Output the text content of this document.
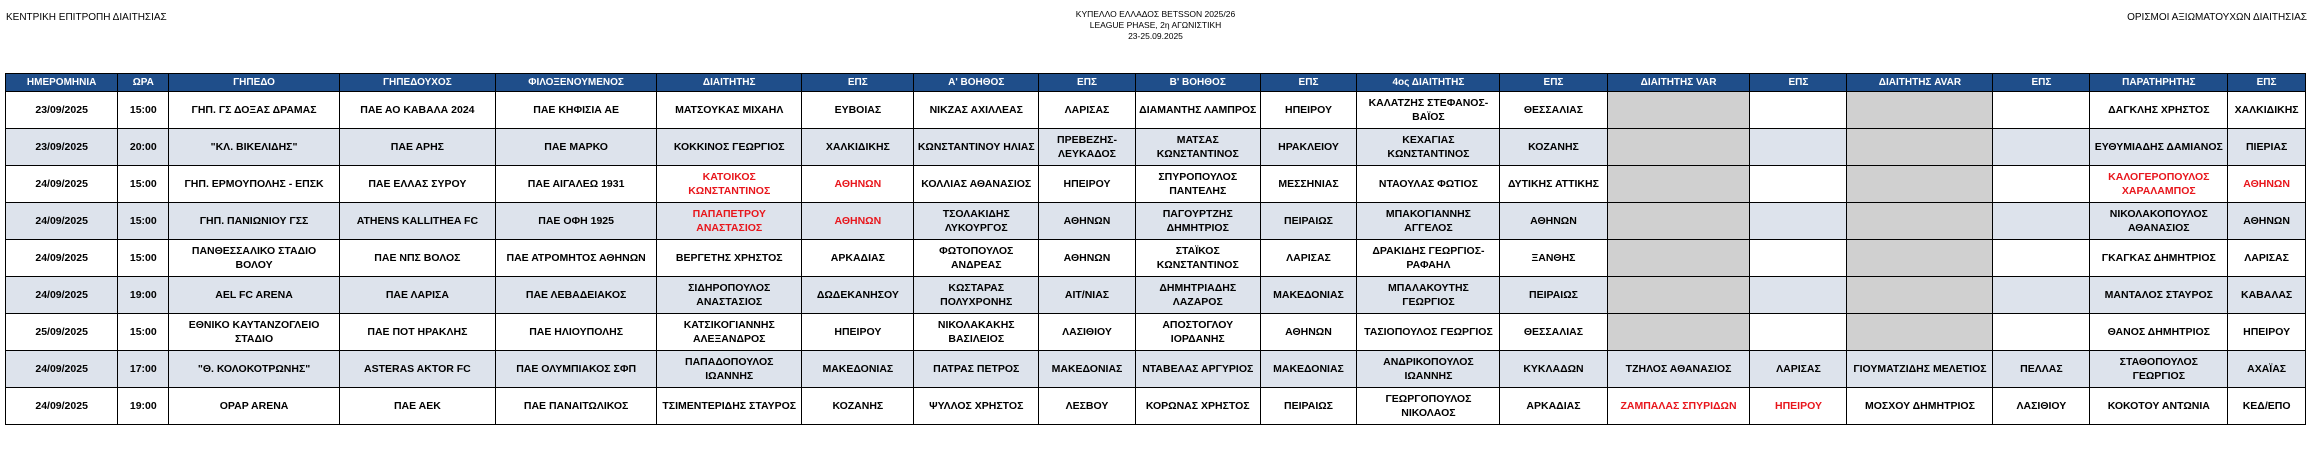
ΚΕΝΤΡΙΚΗ ΕΠΙΤΡΟΠΗ ΔΙΑΙΤΗΣΙΑΣ	ΚΥΠΕΛΛΟ ΕΛΛΑΔΟΣ BETSSON 2025/26
LEAGUE PHASE, 2η ΑΓΩΝΙΣΤΙΚΗ
23-25.09.2025
ΟΡΙΣΜΟΙ ΑΞΙΩΜΑΤΟΥΧΩΝ ΔΙΑΙΤΗΣΙΑΣ
ΗΜΕΡΟΜΗΝΙΑ	ΩΡΑ	ΓΗΠΕΔΟ	ΓΗΠΕΔΟΥΧΟΣ	ΦΙΛΟΞΕΝΟΥΜΕΝΟΣ	ΔΙΑΙΤΗΤΗΣ	ΕΠΣ	Α' ΒΟΗΘΟΣ	ΕΠΣ	Β' ΒΟΗΘΟΣ	ΕΠΣ	4ος ΔΙΑΙΤΗΤΗΣ	ΕΠΣ	ΔΙΑΙΤΗΤΗΣ VAR	ΕΠΣ	ΔΙΑΙΤΗΤΗΣ AVAR	ΕΠΣ	ΠΑΡΑΤΗΡΗΤΗΣ	ΕΠΣ
23/09/2025	15:00	ΓΗΠ. ΓΣ ΔΟΞΑΣ ΔΡΑΜΑΣ	ΠΑΕ ΑΟ ΚΑΒΑΛΑ 2024	ΠΑΕ ΚΗΦΙΣΙΑ ΑΕ	ΜΑΤΣΟΥΚΑΣ ΜΙΧΑΗΛ	ΕΥΒΟΙΑΣ	ΝΙΚΖΑΣ ΑΧΙΛΛΕΑΣ	ΛΑΡΙΣΑΣ	ΔΙΑΜΑΝΤΗΣ ΛΑΜΠΡΟΣ	ΗΠΕΙΡΟΥ	ΚΑΛΑΤΖΗΣ ΣΤΕΦΑΝΟΣ-ΒΑΪΟΣ	ΘΕΣΣΑΛΙΑΣ					ΔΑΓΚΛΗΣ ΧΡΗΣΤΟΣ	ΧΑΛΚΙΔΙΚΗΣ
23/09/2025	20:00	"ΚΛ. ΒΙΚΕΛΙΔΗΣ"	ΠΑΕ ΑΡΗΣ	ΠΑΕ ΜΑΡΚΟ	ΚΟΚΚΙΝΟΣ ΓΕΩΡΓΙΟΣ	ΧΑΛΚΙΔΙΚΗΣ	ΚΩΝΣΤΑΝΤΙΝΟΥ ΗΛΙΑΣ	ΠΡΕΒΕΖΗΣ-ΛΕΥΚΑΔΟΣ	ΜΑΤΣΑΣ ΚΩΝΣΤΑΝΤΙΝΟΣ	ΗΡΑΚΛΕΙΟΥ	ΚΕΧΑΓΙΑΣ ΚΩΝΣΤΑΝΤΙΝΟΣ	ΚΟΖΑΝΗΣ					ΕΥΘΥΜΙΑΔΗΣ ΔΑΜΙΑΝΟΣ	ΠΙΕΡΙΑΣ
24/09/2025	15:00	ΓΗΠ. ΕΡΜΟΥΠΟΛΗΣ - ΕΠΣΚ	ΠΑΕ ΕΛΛΑΣ ΣΥΡΟΥ	ΠΑΕ ΑΙΓΑΛΕΩ 1931	ΚΑΤΟΙΚΟΣ ΚΩΝΣΤΑΝΤΙΝΟΣ	ΑΘΗΝΩΝ	ΚΟΛΛΙΑΣ ΑΘΑΝΑΣΙΟΣ	ΗΠΕΙΡΟΥ	ΣΠΥΡΟΠΟΥΛΟΣ ΠΑΝΤΕΛΗΣ	ΜΕΣΣΗΝΙΑΣ	ΝΤΑΟΥΛΑΣ ΦΩΤΙΟΣ	ΔΥΤΙΚΗΣ ΑΤΤΙΚΗΣ					ΚΑΛΟΓΕΡΟΠΟΥΛΟΣ ΧΑΡΑΛΑΜΠΟΣ	ΑΘΗΝΩΝ
24/09/2025	15:00	ΓΗΠ. ΠΑΝΙΩΝΙΟΥ ΓΣΣ	ATHENS KALLITHEA FC	ΠΑΕ ΟΦΗ 1925	ΠΑΠΑΠΕΤΡΟΥ ΑΝΑΣΤΑΣΙΟΣ	ΑΘΗΝΩΝ	ΤΣΟΛΑΚΙΔΗΣ ΛΥΚΟΥΡΓΟΣ	ΑΘΗΝΩΝ	ΠΑΓΟΥΡΤΖΗΣ ΔΗΜΗΤΡΙΟΣ	ΠΕΙΡΑΙΩΣ	ΜΠΑΚΟΓΙΑΝΝΗΣ ΑΓΓΕΛΟΣ	ΑΘΗΝΩΝ					ΝΙΚΟΛΑΚΟΠΟΥΛΟΣ ΑΘΑΝΑΣΙΟΣ	ΑΘΗΝΩΝ
24/09/2025	15:00	ΠΑΝΘΕΣΣΑΛΙΚΟ ΣΤΑΔΙΟ ΒΟΛΟΥ	ΠΑΕ ΝΠΣ ΒΟΛΟΣ	ΠΑΕ ΑΤΡΟΜΗΤΟΣ ΑΘΗΝΩΝ	ΒΕΡΓΕΤΗΣ ΧΡΗΣΤΟΣ	ΑΡΚΑΔΙΑΣ	ΦΩΤΟΠΟΥΛΟΣ ΑΝΔΡΕΑΣ	ΑΘΗΝΩΝ	ΣΤΑΪΚΟΣ ΚΩΝΣΤΑΝΤΙΝΟΣ	ΛΑΡΙΣΑΣ	ΔΡΑΚΙΔΗΣ ΓΕΩΡΓΙΟΣ-ΡΑΦΑΗΛ	ΞΑΝΘΗΣ					ΓΚΑΓΚΑΣ ΔΗΜΗΤΡΙΟΣ	ΛΑΡΙΣΑΣ
24/09/2025	19:00	AEL FC ARENA	ΠΑΕ ΛΑΡΙΣΑ	ΠΑΕ ΛΕΒΑΔΕΙΑΚΟΣ	ΣΙΔΗΡΟΠΟΥΛΟΣ ΑΝΑΣΤΑΣΙΟΣ	ΔΩΔΕΚΑΝΗΣΟΥ	ΚΩΣΤΑΡΑΣ ΠΟΛΥΧΡΟΝΗΣ	ΑΙΤ/ΝΙΑΣ	ΔΗΜΗΤΡΙΑΔΗΣ ΛΑΖΑΡΟΣ	ΜΑΚΕΔΟΝΙΑΣ	ΜΠΑΛΑΚΟΥΤΗΣ ΓΕΩΡΓΙΟΣ	ΠΕΙΡΑΙΩΣ					ΜΑΝΤΑΛΟΣ ΣΤΑΥΡΟΣ	ΚΑΒΑΛΑΣ
25/09/2025	15:00	ΕΘΝΙΚΟ ΚΑΥΤΑΝΖΟΓΛΕΙΟ ΣΤΑΔΙΟ	ΠΑΕ ΠΟΤ ΗΡΑΚΛΗΣ	ΠΑΕ ΗΛΙΟΥΠΟΛΗΣ	ΚΑΤΣΙΚΟΓΙΑΝΝΗΣ ΑΛΕΞΑΝΔΡΟΣ	ΗΠΕΙΡΟΥ	ΝΙΚΟΛΑΚΑΚΗΣ ΒΑΣΙΛΕΙΟΣ	ΛΑΣΙΘΙΟΥ	ΑΠΟΣΤΟΓΛΟΥ ΙΟΡΔΑΝΗΣ	ΑΘΗΝΩΝ	ΤΑΣΙΟΠΟΥΛΟΣ ΓΕΩΡΓΙΟΣ	ΘΕΣΣΑΛΙΑΣ					ΘΑΝΟΣ ΔΗΜΗΤΡΙΟΣ	ΗΠΕΙΡΟΥ
24/09/2025	17:00	"Θ. ΚΟΛΟΚΟΤΡΩΝΗΣ"	ASTERAS AKTOR FC	ΠΑΕ ΟΛΥΜΠΙΑΚΟΣ ΣΦΠ	ΠΑΠΑΔΟΠΟΥΛΟΣ ΙΩΑΝΝΗΣ	ΜΑΚΕΔΟΝΙΑΣ	ΠΑΤΡΑΣ ΠΕΤΡΟΣ	ΜΑΚΕΔΟΝΙΑΣ	ΝΤΑΒΕΛΑΣ ΑΡΓΥΡΙΟΣ	ΜΑΚΕΔΟΝΙΑΣ	ΑΝΔΡΙΚΟΠΟΥΛΟΣ ΙΩΑΝΝΗΣ	ΚΥΚΛΑΔΩΝ	ΤΖΗΛΟΣ ΑΘΑΝΑΣΙΟΣ	ΛΑΡΙΣΑΣ	ΓΙΟΥΜΑΤΖΙΔΗΣ ΜΕΛΕΤΙΟΣ	ΠΕΛΛΑΣ	ΣΤΑΘΟΠΟΥΛΟΣ ΓΕΩΡΓΙΟΣ	ΑΧΑΪΑΣ
24/09/2025	19:00	OPAP ARENA	ΠΑΕ ΑΕΚ	ΠΑΕ ΠΑΝΑΙΤΩΛΙΚΟΣ	ΤΣΙΜΕΝΤΕΡΙΔΗΣ ΣΤΑΥΡΟΣ	ΚΟΖΑΝΗΣ	ΨΥΛΛΟΣ ΧΡΗΣΤΟΣ	ΛΕΣΒΟΥ	ΚΟΡΩΝΑΣ ΧΡΗΣΤΟΣ	ΠΕΙΡΑΙΩΣ	ΓΕΩΡΓΟΠΟΥΛΟΣ ΝΙΚΟΛΑΟΣ	ΑΡΚΑΔΙΑΣ	ΖΑΜΠΑΛΑΣ ΣΠΥΡΙΔΩΝ	ΗΠΕΙΡΟΥ	ΜΟΣΧΟΥ ΔΗΜΗΤΡΙΟΣ	ΛΑΣΙΘΙΟΥ	ΚΟΚΟΤΟΥ ΑΝΤΩΝΙΑ	ΚΕΔ/ΕΠΟ
